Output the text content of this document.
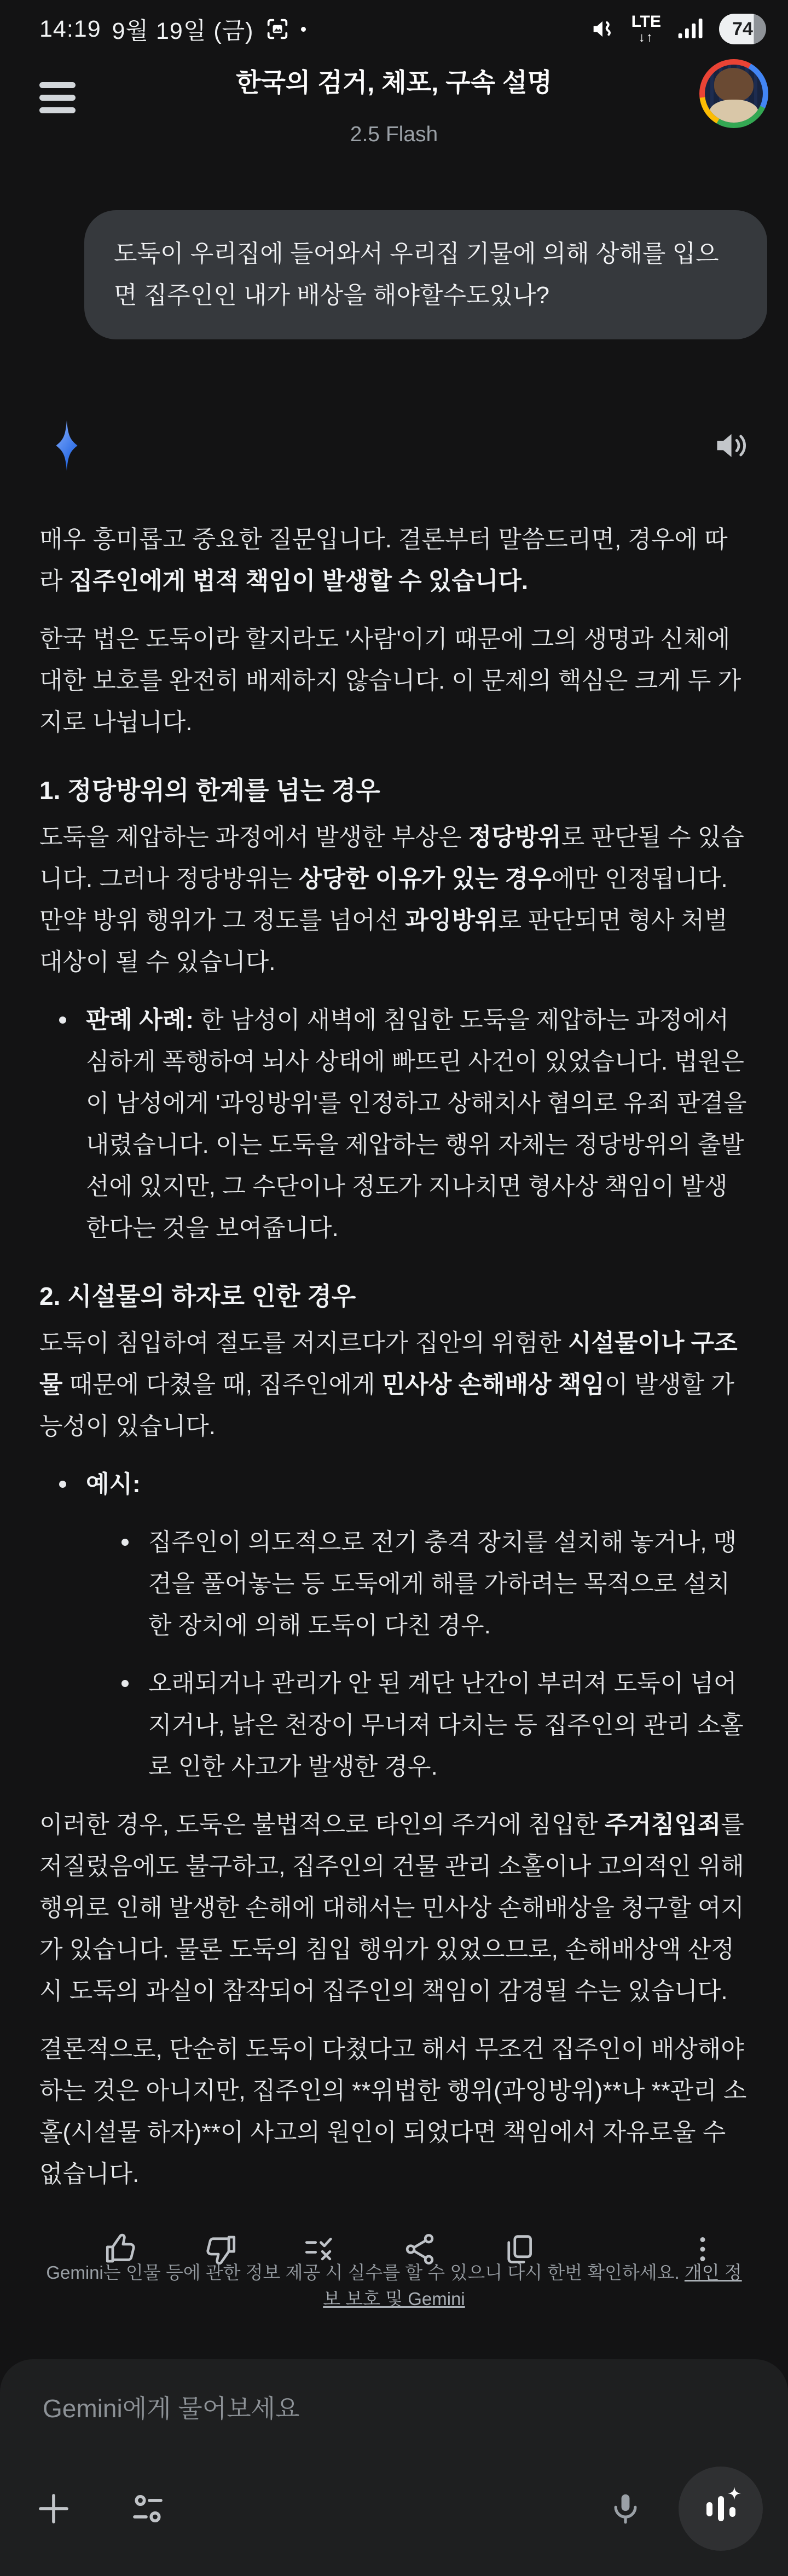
14:19 9월 19일 (금)	LTE
↓↑	74
한국의 검거, 체포, 구속 설명
2.5 Flash
도둑이 우리집에 들어와서 우리집 기물에 의해 상해를 입으면 집주인인 내가 배상을 해야할수도있나?

매우 흥미롭고 중요한 질문입니다. 결론부터 말씀드리면, 경우에 따라 집주인에게 법적 책임이 발생할 수 있습니다.

한국 법은 도둑이라 할지라도 '사람'이기 때문에 그의 생명과 신체에 대한 보호를 완전히 배제하지 않습니다. 이 문제의 핵심은 크게 두 가지로 나뉩니다.

1. 정당방위의 한계를 넘는 경우

도둑을 제압하는 과정에서 발생한 부상은 정당방위로 판단될 수 있습니다. 그러나 정당방위는 상당한 이유가 있는 경우에만 인정됩니다. 만약 방위 행위가 그 정도를 넘어선 과잉방위로 판단되면 형사 처벌 대상이 될 수 있습니다.

판례 사례: 한 남성이 새벽에 침입한 도둑을 제압하는 과정에서 심하게 폭행하여 뇌사 상태에 빠뜨린 사건이 있었습니다. 법원은 이 남성에게 '과잉방위'를 인정하고 상해치사 혐의로 유죄 판결을 내렸습니다. 이는 도둑을 제압하는 행위 자체는 정당방위의 출발선에 있지만, 그 수단이나 정도가 지나치면 형사상 책임이 발생한다는 것을 보여줍니다.
2. 시설물의 하자로 인한 경우

도둑이 침입하여 절도를 저지르다가 집안의 위험한 시설물이나 구조물 때문에 다쳤을 때, 집주인에게 민사상 손해배상 책임이 발생할 가능성이 있습니다.

예시:
집주인이 의도적으로 전기 충격 장치를 설치해 놓거나, 맹견을 풀어놓는 등 도둑에게 해를 가하려는 목적으로 설치한 장치에 의해 도둑이 다친 경우.
오래되거나 관리가 안 된 계단 난간이 부러져 도둑이 넘어지거나, 낡은 천장이 무너져 다치는 등 집주인의 관리 소홀로 인한 사고가 발생한 경우.

이러한 경우, 도둑은 불법적으로 타인의 주거에 침입한 주거침입죄를 저질렀음에도 불구하고, 집주인의 건물 관리 소홀이나 고의적인 위해 행위로 인해 발생한 손해에 대해서는 민사상 손해배상을 청구할 여지가 있습니다. 물론 도둑의 침입 행위가 있었으므로, 손해배상액 산정 시 도둑의 과실이 참작되어 집주인의 책임이 감경될 수는 있습니다.

결론적으로, 단순히 도둑이 다쳤다고 해서 무조건 집주인이 배상해야 하는 것은 아니지만, 집주인의 **위법한 행위(과잉방위)**나 **관리 소홀(시설물 하자)**이 사고의 원인이 되었다면 책임에서 자유로울 수 없습니다.

Gemini는 인물 등에 관한 정보 제공 시 실수를 할 수 있으니 다시 한번 확인하세요. 개인 정보 보호 및 Gemini
Gemini에게 물어보세요
